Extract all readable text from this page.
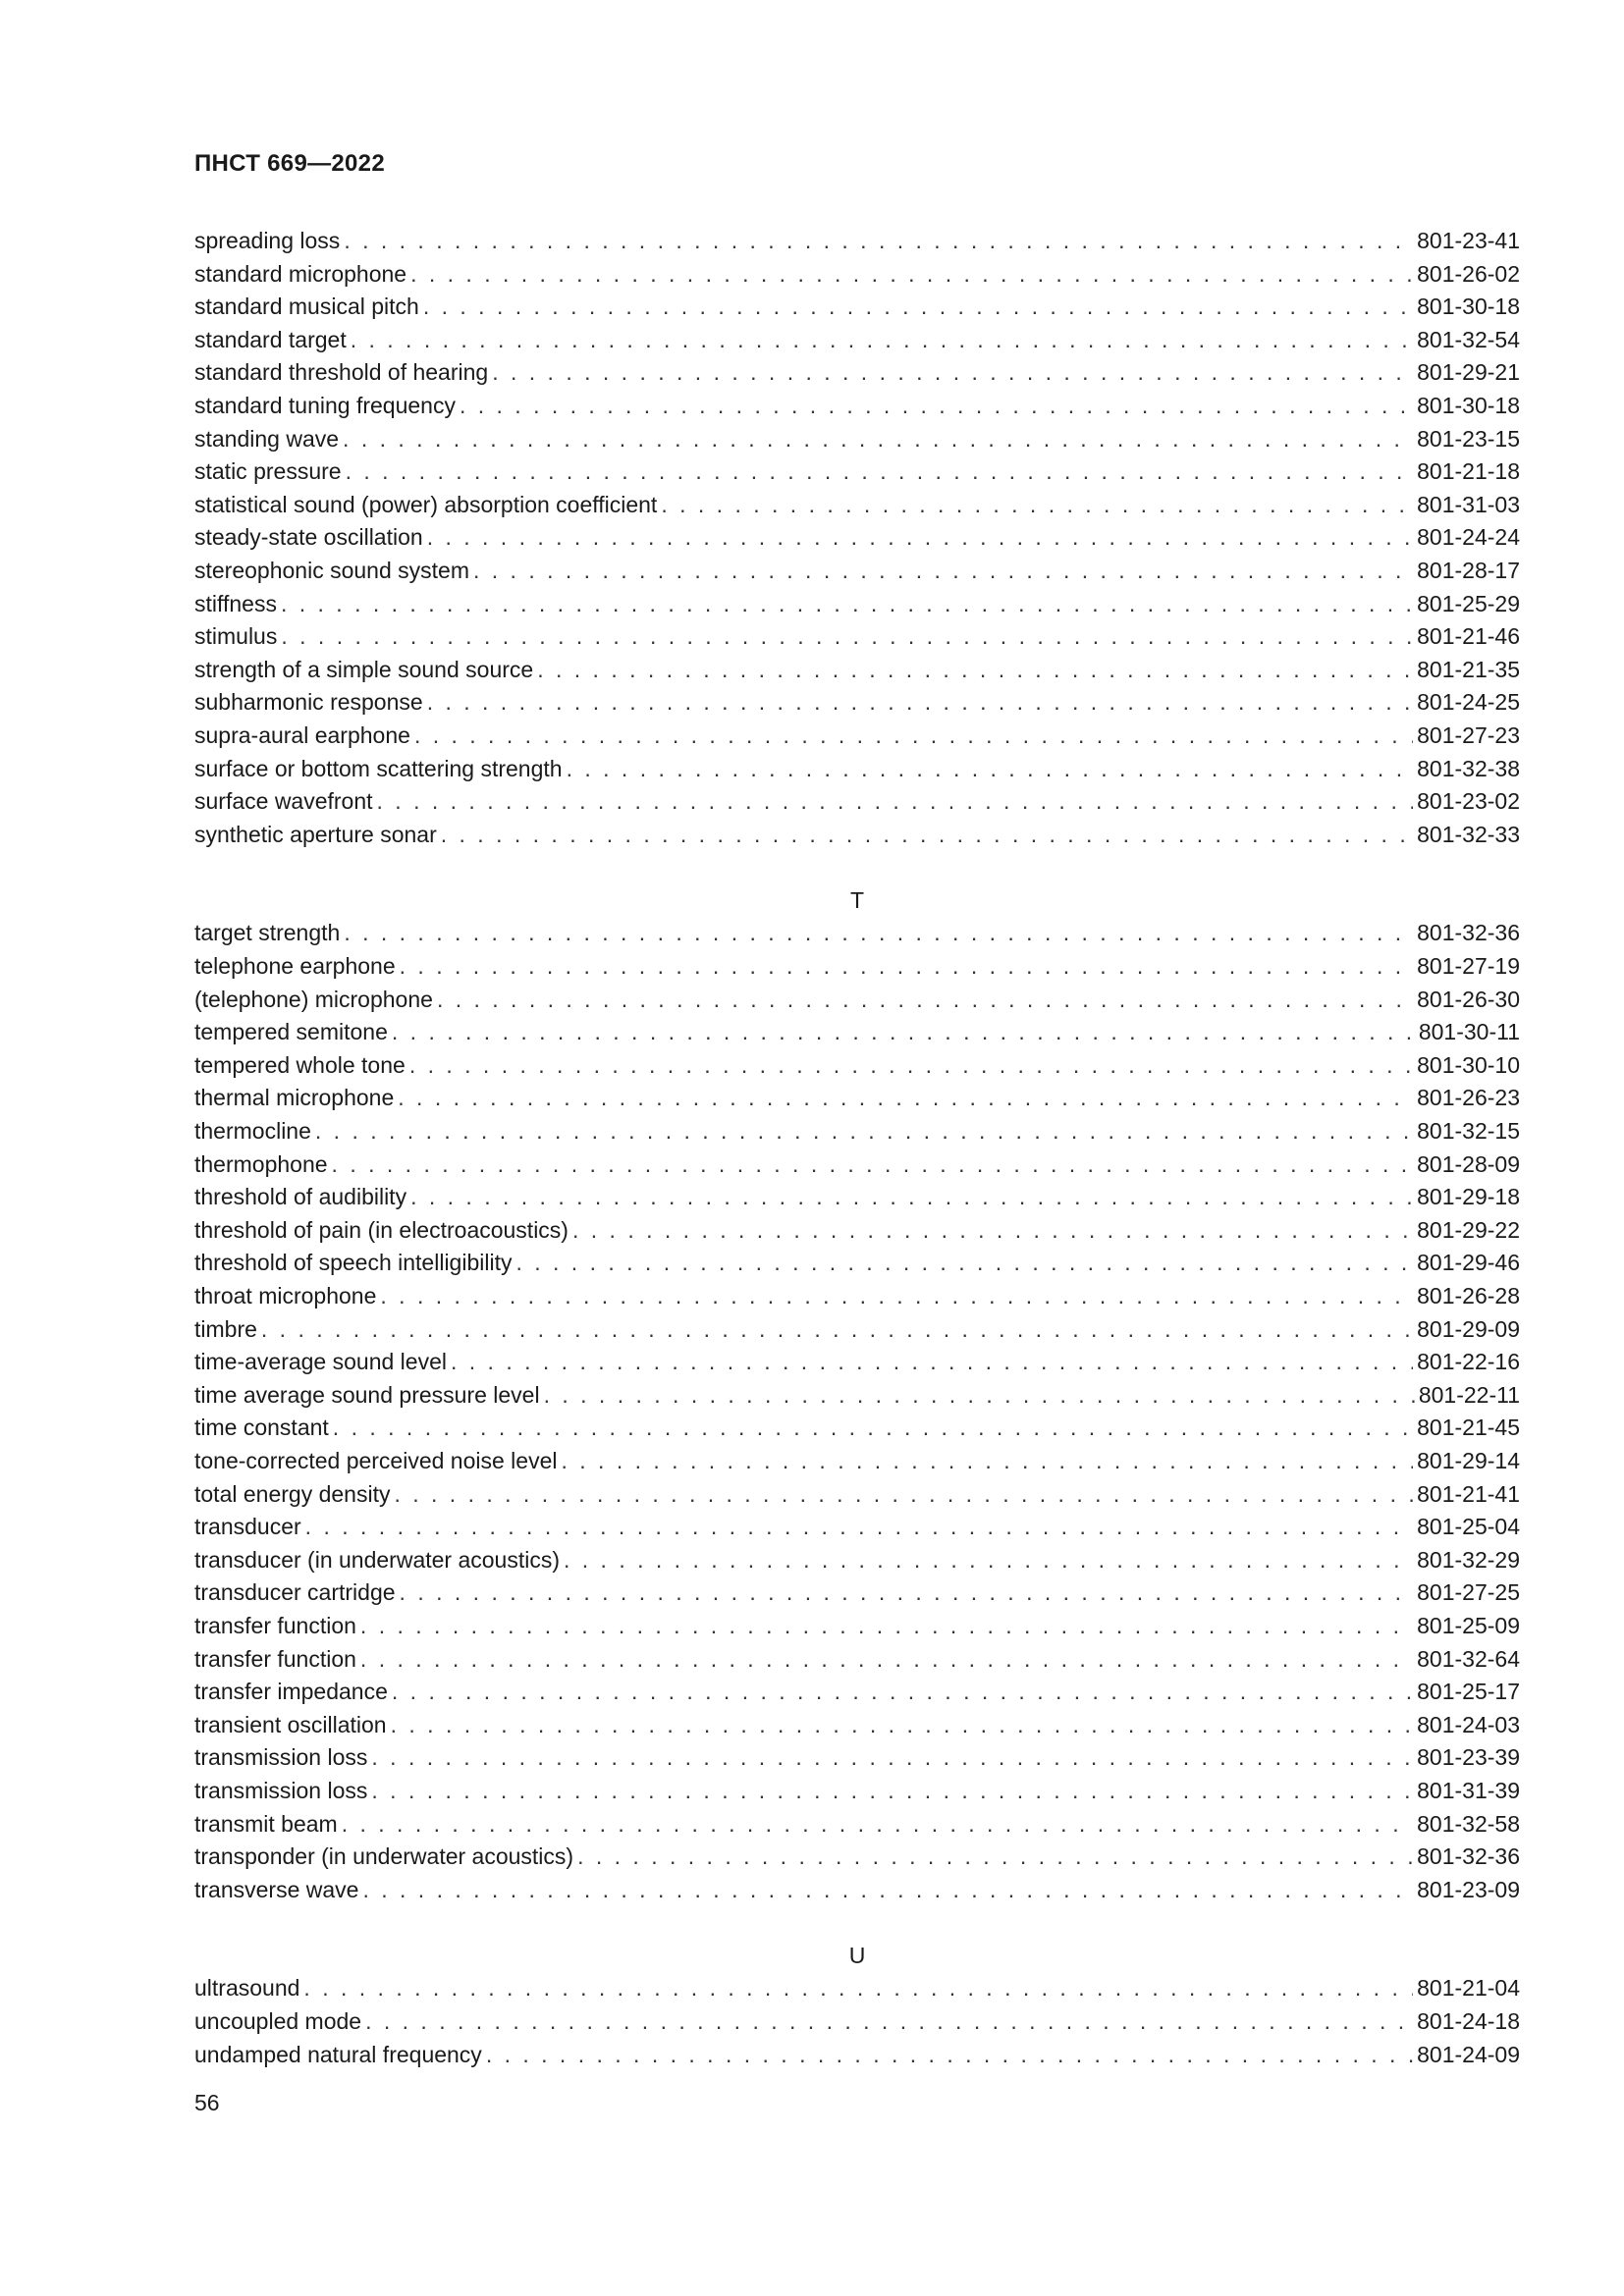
ПНСТ 669—2022
spreading loss . . .	801-23-41
standard microphone . . .	801-26-02
standard musical pitch . . .	801-30-18
standard target . . .	801-32-54
standard threshold of hearing . . .	801-29-21
standard tuning frequency . . .	801-30-18
standing wave . . .	801-23-15
static pressure . . .	801-21-18
statistical sound (power) absorption coefficient . . .	801-31-03
steady-state oscillation . . .	801-24-24
stereophonic sound system . . .	801-28-17
stiffness . . .	801-25-29
stimulus . . .	801-21-46
strength of a simple sound source . . .	801-21-35
subharmonic response . . .	801-24-25
supra-aural earphone . . .	801-27-23
surface or bottom scattering strength . . .	801-32-38
surface wavefront . . .	801-23-02
synthetic aperture sonar . . .	801-32-33
T
target strength . . .	801-32-36
telephone earphone . . .	801-27-19
(telephone) microphone . . .	801-26-30
tempered semitone . . .	801-30-11
tempered whole tone . . .	801-30-10
thermal microphone . . .	801-26-23
thermocline . . .	801-32-15
thermophone . . .	801-28-09
threshold of audibility . . .	801-29-18
threshold of pain (in electroacoustics) . . .	801-29-22
threshold of speech intelligibility . . .	801-29-46
throat microphone . . .	801-26-28
timbre . . .	801-29-09
time-average sound level . . .	801-22-16
time average sound pressure level . . .	801-22-11
time constant . . .	801-21-45
tone-corrected perceived noise level . . .	801-29-14
total energy density . . .	801-21-41
transducer . . .	801-25-04
transducer (in underwater acoustics) . . .	801-32-29
transducer cartridge . . .	801-27-25
transfer function . . .	801-25-09
transfer function . . .	801-32-64
transfer impedance . . .	801-25-17
transient oscillation . . .	801-24-03
transmission loss . . .	801-23-39
transmission loss . . .	801-31-39
transmit beam . . .	801-32-58
transponder (in underwater acoustics) . . .	801-32-36
transverse wave . . .	801-23-09
U
ultrasound . . .	801-21-04
uncoupled mode . . .	801-24-18
undamped natural frequency . . .	801-24-09
56
